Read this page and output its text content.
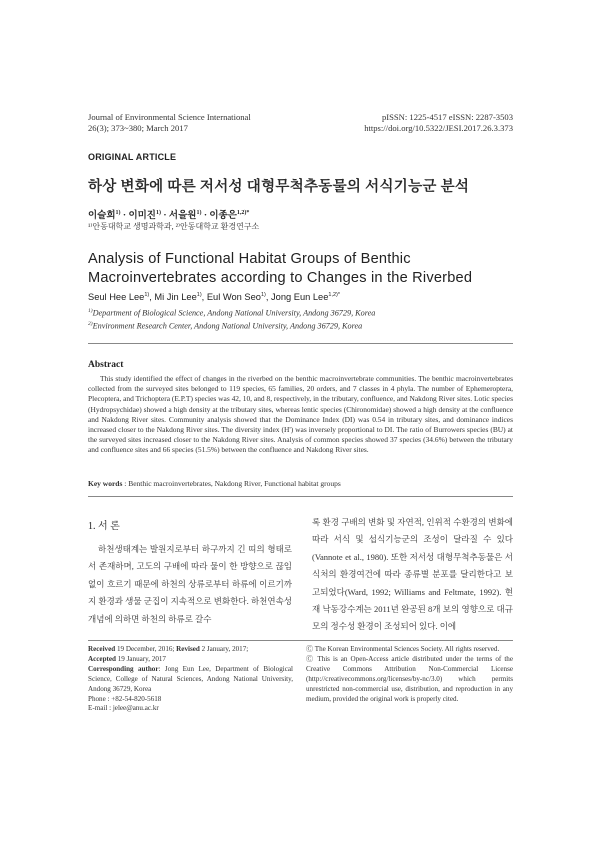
Journal of Environmental Science International
26(3); 373~380; March 2017
pISSN: 1225-4517 eISSN: 2287-3503
https://doi.org/10.5322/JESI.2017.26.3.373
ORIGINAL ARTICLE
하상 변화에 따른 저서성 대형무척추동물의 서식기능군 분석
이슬희$^{1)}$ · 이미진$^{1)}$ · 서을원$^{1)}$ · 이종은$^{1,2)*}$
¹⁾안동대학교 생명과학과, ²⁾안동대학교 환경연구소
Analysis of Functional Habitat Groups of Benthic
Macroinvertebrates according to Changes in the Riverbed
Seul Hee Lee$^{1)}$, Mi Jin Lee$^{1)}$, Eul Won Seo$^{1)}$, Jong Eun Lee$^{1,2)*}$
$^{1)}$Department of Biological Science, Andong National University, Andong 36729, Korea
$^{2)}$Environment Research Center, Andong National University, Andong 36729, Korea
Abstract
This study identified the effect of changes in the riverbed on the benthic macroinvertebrate communities. The benthic macroinvertebrates collected from the surveyed sites belonged to 119 species, 65 families, 20 orders, and 7 classes in 4 phyla. The number of Ephemeroptera, Plecoptera, and Trichoptera (E.P.T) species was 42, 10, and 8, respectively, in the tributary, confluence, and Nakdong River sites. Lotic species (Hydropsychidae) showed a high density at the tributary sites, whereas lentic species (Chironomidae) showed a high density at the confluence and Nakdong River sites. Community analysis showed that the Dominance Index (DI) was 0.54 in tributary sites, and dominance indices increased closer to the Nakdong River sites. The diversity index (H') was inversely proportional to DI. The ratio of Burrowers species (BU) at the surveyed sites increased closer to the Nakdong River sites. Analysis of common species showed 37 species (34.6%) between the tributary and confluence sites and 66 species (51.5%) between the confluence and Nakdong River sites.
Key words : Benthic macroinvertebrates, Nakdong River, Functional habitat groups
1. 서 론
하천생태계는 발원지로부터 하구까지 긴 띠의 형태로서 존재하며, 고도의 구배에 따라 물이 한 방향으로 끊임없이 흐르기 때문에 하천의 상류로부터 하류에 이르기까지 환경과 생물 군집이 지속적으로 변화한다. 하천연속성개념에 의하면 하천의 하류로 갈수
록 환경 구배의 변화 및 자연적, 인위적 수환경의 변화에 따라 서식 및 섭식기능군의 조성이 달라질 수 있다 (Vannote et al., 1980). 또한 저서성 대형무척추동물은 서식처의 환경여건에 따라 종류별 분포를 달리한다고 보고되었다(Ward, 1992; Williams and Feltmate, 1992). 현재 낙동강수계는 2011년 완공된 8개 보의 영향으로 대규모의 정수성 환경이 조성되어 있다. 이에
Received 19 December, 2016; Revised 2 January, 2017;
Accepted 19 January, 2017
Corresponding author: Jong Eun Lee, Department of Biological Science, College of Natural Sciences, Andong National University, Andong 36729, Korea
Phone : +82-54-820-5618
E-mail : jelee@anu.ac.kr
Ⓒ The Korean Environmental Sciences Society. All rights reserved.
Ⓒ This is an Open-Access article distributed under the terms of the Creative Commons Attribution Non-Commercial License (http://creativecommons.org/licenses/by-nc/3.0) which permits unrestricted non-commercial use, distribution, and reproduction in any medium, provided the original work is properly cited.
